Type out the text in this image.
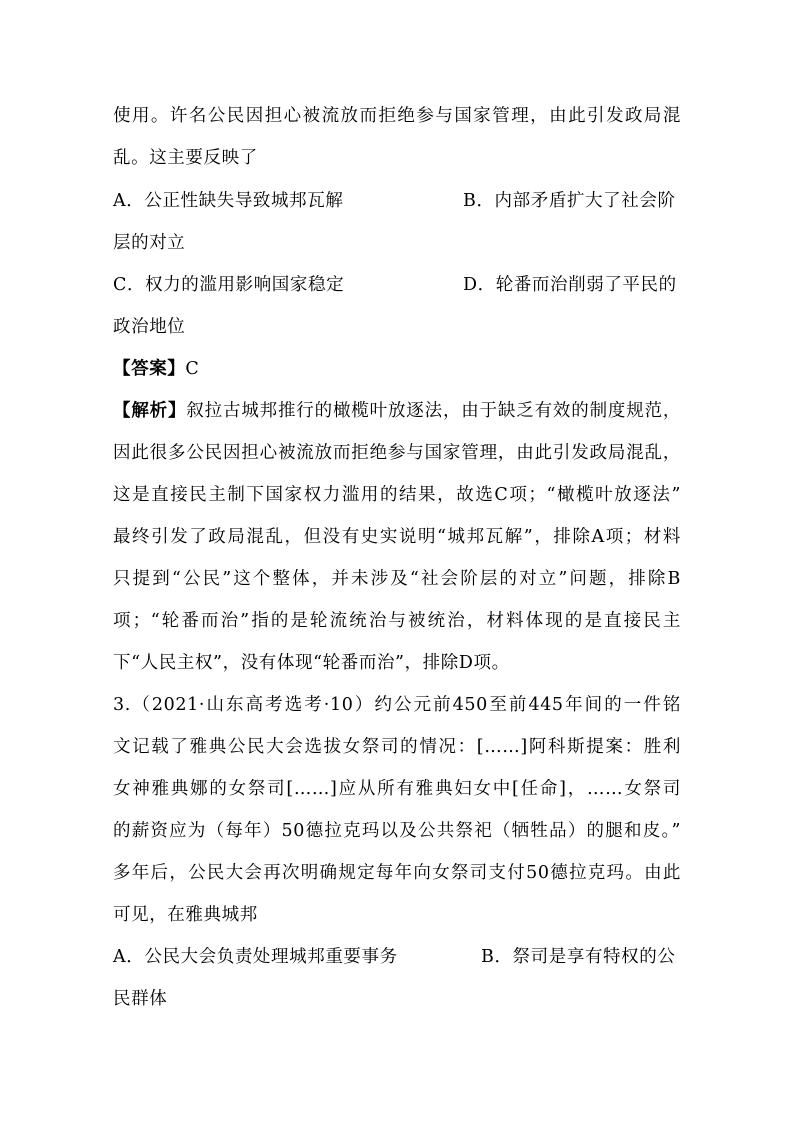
使用。许名公民因担心被流放而拒绝参与国家管理，由此引发政局混
乱。这主要反映了
A．公正性缺失导致城邦瓦解	B．内部矛盾扩大了社会阶
层的对立
C．权力的滥用影响国家稳定	D．轮番而治削弱了平民的
政治地位
【答案】C
【解析】叙拉古城邦推行的橄榄叶放逐法，由于缺乏有效的制度规范，
因此很多公民因担心被流放而拒绝参与国家管理，由此引发政局混乱，
这是直接民主制下国家权力滥用的结果，故选C项；“橄榄叶放逐法”
最终引发了政局混乱，但没有史实说明“城邦瓦解”，排除A项；材料
只提到“公民”这个整体，并未涉及“社会阶层的对立”问题，排除B
项；“轮番而治”指的是轮流统治与被统治，材料体现的是直接民主
下“人民主权”，没有体现“轮番而治”，排除D项。
3.（2021·山东高考选考·10）约公元前450至前445年间的一件铭
文记载了雅典公民大会选拔女祭司的情况：[……]阿科斯提案：胜利
女神雅典娜的女祭司[……]应从所有雅典妇女中[任命]，……女祭司
的薪资应为（每年）50德拉克玛以及公共祭祀（牺牲品）的腿和皮。”
多年后，公民大会再次明确规定每年向女祭司支付50德拉克玛。由此
可见，在雅典城邦
A．公民大会负责处理城邦重要事务	B．祭司是享有特权的公
民群体
